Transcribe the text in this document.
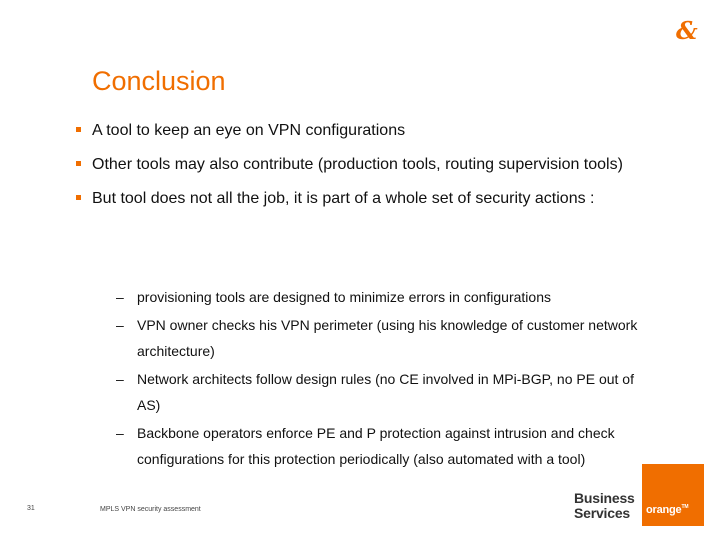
&
Conclusion
A tool to keep an eye on VPN configurations
Other tools may also contribute (production tools, routing supervision tools)
But tool does not all the job, it is part of a whole set of security actions :
– provisioning tools are designed to minimize errors in configurations
– VPN owner checks his VPN perimeter (using his knowledge of customer network architecture)
– Network architects follow design rules (no CE involved in MPi-BGP, no PE out of AS)
– Backbone operators enforce PE and P protection against intrusion and check configurations for this protection periodically (also automated with a tool)
31	MPLS VPN security assessment
Business
Services	orange™
